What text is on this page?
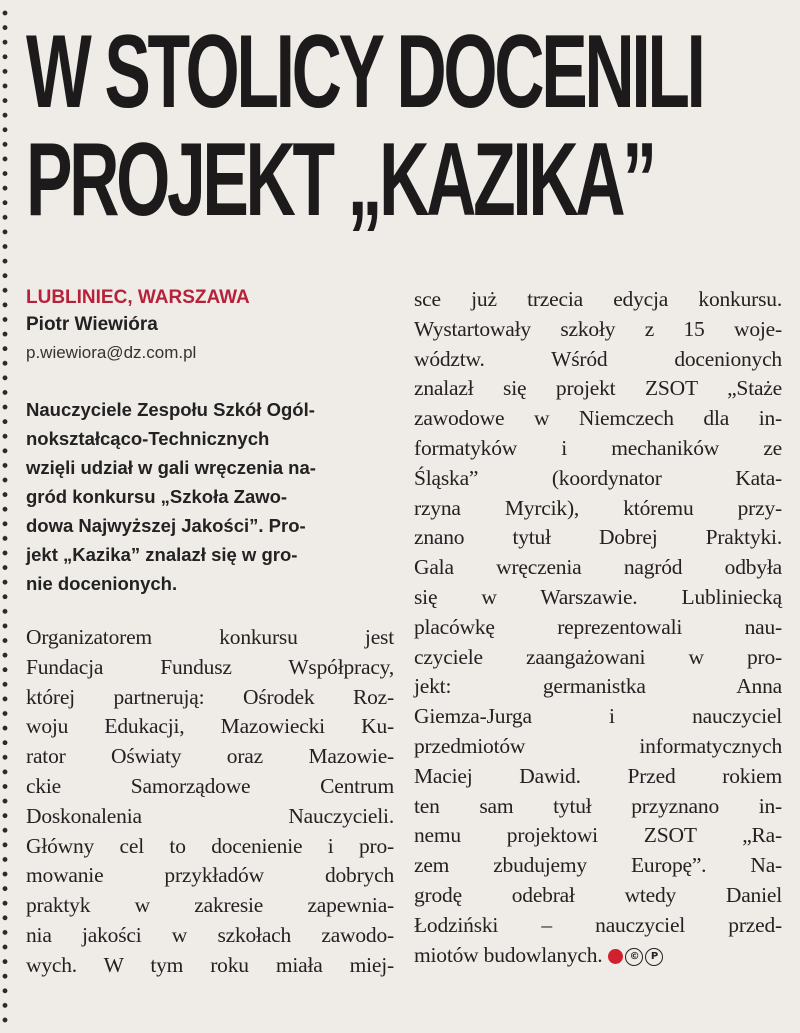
W STOLICY DOCENILI
PROJEKT „KAZIKA”
LUBLINIEC, WARSZAWA
Piotr Wiewióra
p.wiewiora@dz.com.pl
Nauczyciele Zespołu Szkół Ogól-
nokształcąco-Technicznych
wzięli udział w gali wręczenia na-
gród konkursu „Szkoła Zawo-
dowa Najwyższej Jakości”. Pro-
jekt „Kazika” znalazł się w gro-
nie docenionych.
Organizatorem konkursu jest
Fundacja Fundusz Współpracy,
której partnerują: Ośrodek Roz-
woju Edukacji, Mazowiecki Ku-
rator Oświaty oraz Mazowie-
ckie Samorządowe Centrum
Doskonalenia Nauczycieli.
Główny cel to docenienie i pro-
mowanie przykładów dobrych
praktyk w zakresie zapewnia-
nia jakości w szkołach zawodo-
wych. W tym roku miała miej-
sce już trzecia edycja konkursu.
Wystartowały szkoły z 15 woje-
wództw. Wśród docenionych
znalazł się projekt ZSOT „Staże
zawodowe w Niemczech dla in-
formatyków i mechaników ze
Śląska” (koordynator Kata-
rzyna Myrcik), któremu przy-
znano tytuł Dobrej Praktyki.
Gala wręczenia nagród odbyła
się w Warszawie. Lubliniecką
placówkę reprezentowali nau-
czyciele zaangażowani w pro-
jekt: germanistka Anna
Giemza-Jurga i nauczyciel
przedmiotów informatycznych
Maciej Dawid. Przed rokiem
ten sam tytuł przyznano in-
nemu projektowi ZSOT „Ra-
zem zbudujemy Europę”. Na-
grodę odebrał wtedy Daniel
Łodziński – nauczyciel przed-
miotów budowlanych.	©	P
